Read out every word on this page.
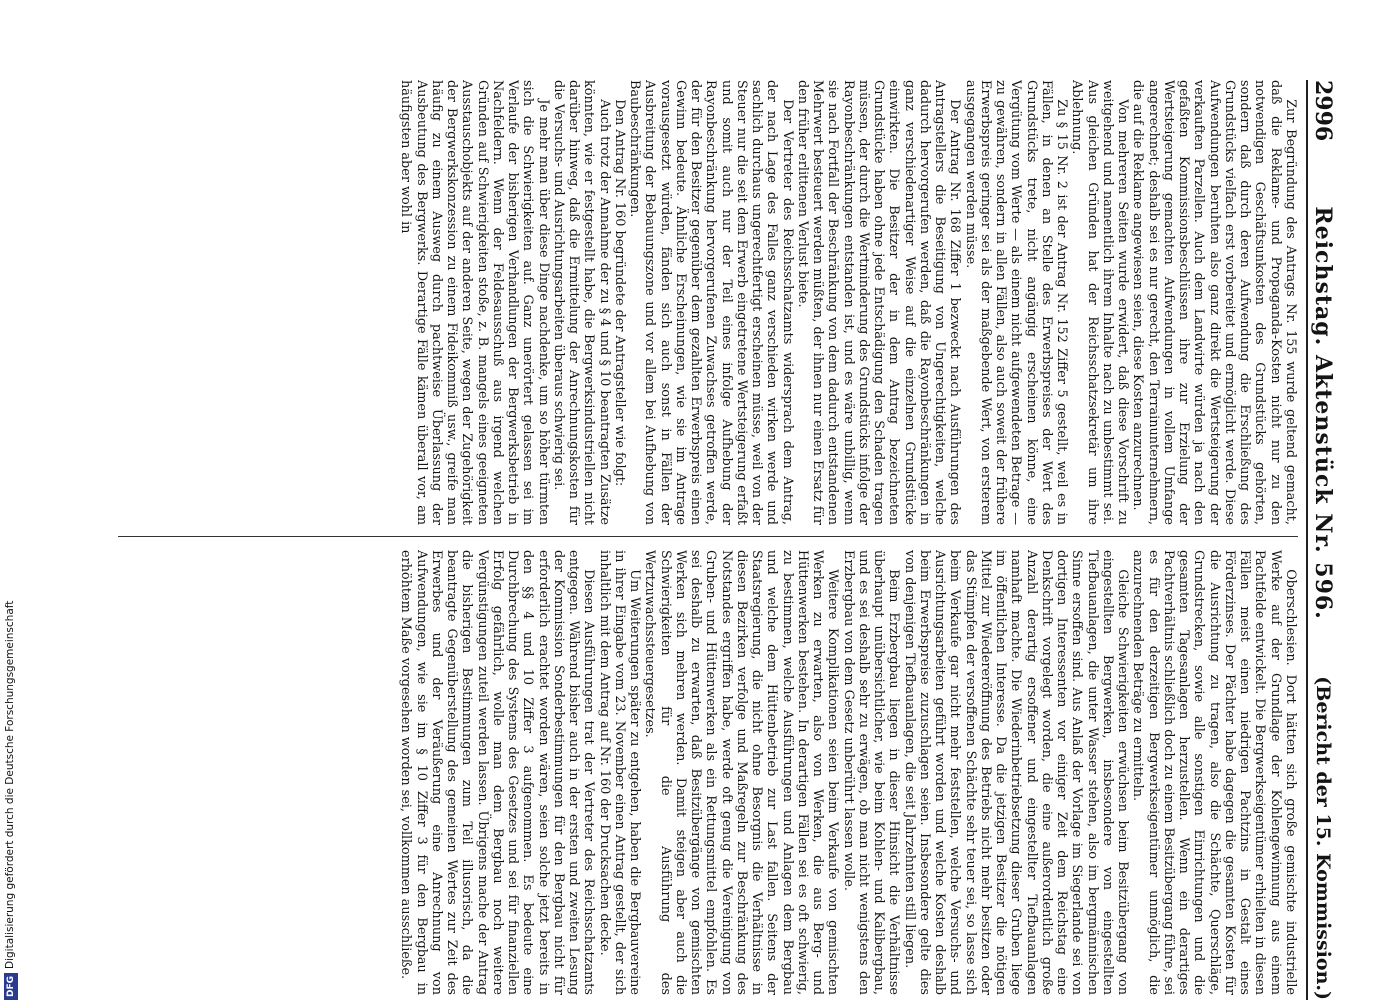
DFGDigitalisierung gefördert durch die Deutsche Forschungsgemeinschaft
2996
Reichstag. Aktenstück Nr. 596.
(Bericht der 15. Kommission.)

Zur Begründung des Antrags Nr. 155 wurde geltend gemacht, daß die Reklame- und Propaganda-Kosten nicht nur zu den notwendigen Geschäftsunkosten des Grundstücks gehörten, sondern daß durch deren Aufwendung die Erschließung des Grundstücks vielfach erst vorbereitet und ermöglicht werde. Diese Aufwendungen beruhten also ganz direkt die Wertsteigerung der verkauften Parzellen. Auch dem Landwirte würden ja nach den gefaßten Kommissionsbeschlüssen ihre zur Erzielung der Wertsteigerung gemachten Aufwendungen in vollem Umfange angerechnet; deshalb sei es nur gerecht, den Terrainunternehmern, die auf die Reklame angewiesen seien, diese Kosten anzurechnen.

Von mehreren Seiten wurde erwidert, daß diese Vorschrift zu weitgehend und namentlich ihrem Inhalte nach zu unbestimmt sei. Aus gleichen Gründen hat der Reichsschatzsekretär um ihre Ablehnung.

Zu § 15 Nr. 2 ist der Antrag Nr. 152 Ziffer 5 gestellt, weil es in Fällen, in denen an Stelle des Erwerbspreises der Wert des Grundstücks trete, nicht angängig erscheinen könne, eine Vergütung vom Werte — als einem nicht aufgewendeten Betrage — zu gewähren, sondern in allen Fällen, also auch soweit der frühere Erwerbspreis geringer sei als der maßgebende Wert, von ersterem ausgegangen werden müsse.

Der Antrag Nr. 168 Ziffer 1 bezweckt nach Ausführungen des Antragstellers die Beseitigung von Ungerechtigkeiten, welche dadurch hervorgerufen werden, daß die Rayonbeschränkungen in ganz verschiedenartiger Weise auf die einzelnen Grundstücke einwirkten. Die Besitzer der in dem Antrag bezeichneten Grundstücke haben ohne jede Entschädigung den Schaden tragen müssen, der durch die Wertminderung des Grundstücks infolge der Rayonbeschränkungen entstanden ist, und es wäre unbillig, wenn sie nach Fortfall der Beschränkung von dem dadurch entstandenen Mehrwert besteuert werden müßten, der ihnen nur einen Ersatz für den früher erlittenen Verlust biete.

Der Vertreter des Reichsschatzamts widersprach dem Antrag, der nach Lage des Falles ganz verschieden wirken werde und sachlich durchaus ungerechtfertigt erscheinen müsse, weil von der Steuer nur die seit dem Erwerb eingetretene Wertsteigerung erfaßt und somit auch nur der Teil eines infolge Aufhebung der Rayonbeschränkung hervorgerufenen Zuwachses getroffen werde, der für den Besitzer gegenüber dem gezahlten Erwerbspreis einen Gewinn bedeute. Ähnliche Erscheinungen, wie sie im Antrage vorausgesetzt würden, fänden sich auch sonst in Fällen der Ausbreitung der Bebauungszone und vor allem bei Aufhebung von Baubeschränkungen.

Den Antrag Nr. 160 begründete der Antragsteller wie folgt:

Auch trotz der Annahme der zu § 4 und § 10 beantragten Zusätze könnten, wie er festgestellt habe, die Bergwerksindustriellen nicht darüber hinweg, daß die Ermittelung der Anrechnungskosten für die Versuchs- und Ausrichtungsarbeiten überaus schwierig sei.

Je mehr man über diese Dinge nachdenke, um so höher türmten sich die Schwierigkeiten auf. Ganz unerörtert gelassen sei im Verlaufe der bisherigen Verhandlungen der Bergwerksbetrieb in Nachfeldern. Wenn der Feldesausschuß aus irgend welchen Gründen auf Schwierigkeiten stoße, z. B. mangels eines geeigneten Ausstauschobjekts auf der anderen Seite, wegen der Zugehörigkeit der Bergwerkskonzession zu einem Fideikommiß usw., greife man häufig zu einem Ausweg durch pachtweise Überlassung der Ausbeutung des Bergwerks. Derartige Fälle kämen überall vor, am häufigsten aber wohl in

Oberschlesien. Dort hätten sich große gemischte industrielle Werke auf der Grundlage der Kohlengewinnung aus einem Pachtfelde entwickelt. Die Bergwerkseigentümer erhielten in diesen Fällen meist einen niedrigen Pachtzins in Gestalt eines Förderzinses. Der Pächter habe dagegen die gesamten Kosten für die Ausrichtung zu tragen, also die Schächte, Querschläge, Grundstrecken, sowie alle sonstigen Einrichtungen und die gesamten Tagesanlagen herzustellen. Wenn ein derartiges Pachtverhältnis schließlich doch zu einem Besitzübergang führe, sei es für den derzeitigen Bergwerkseigentümer unmöglich, die anzurechnenden Beträge zu ermitteln.

Gleiche Schwierigkeiten erwüchsen beim Besitzübergang von eingestellten Bergwerken, insbesondere von eingestellten Tiefbauanlagen, die unter Wasser stehen, also im bergmännischen Sinne ersoffen sind. Aus Anlaß der Vorlage im Siegerlande sei von dortigen Interessenten vor einiger Zeit dem Reichstag eine Denkschrift vorgelegt worden, die eine außerordentlich große Anzahl derartig ersoffener und eingestellter Tiefbauanlagen namhaft machte. Die Wiederinbetriebsetzung dieser Gruben liege im öffentlichen Interesse. Da die jetzigen Besitzer die nötigen Mittel zur Wiedereröffnung des Betriebs nicht mehr besitzen oder das Stümpfen der versoffenen Schächte sehr teuer sei, so lasse sich beim Verkaufe gar nicht mehr feststellen, welche Versuchs- und Ausrichtungsarbeiten geführt worden und welche Kosten deshalb beim Erwerbspreise zuzuschlagen seien. Insbesondere gelte dies von denjenigen Tiefbauanlagen, die seit Jahrzehnten still liegen.

Beim Erzbergbau liegen in dieser Hinsicht die Verhältnisse überhaupt unübersichtlicher, wie beim Kohlen- und Kalibergbau, und es sei deshalb sehr zu erwägen, ob man nicht wenigstens den Erzbergbau von dem Gesetz unberührt lassen wolle.

Weitere Komplikationen seien beim Verkaufe von gemischten Werken zu erwarten, also von Werken, die aus Berg- und Hüttenwerken bestehen. In derartigen Fällen sei es oft schwierig, zu bestimmen, welche Ausführungen und Anlagen dem Bergbau und welche dem Hüttenbetrieb zur Last fallen. Seitens der Staatsregierung, die nicht ohne Besorgnis die Verhältnisse in diesen Bezirken verfolge und Maßregeln zur Beschränkung des Notstandes ergriffen habe, werde oft genug die Vereinigung von Gruben- und Hüttenwerken als ein Rettungsmittel empfohlen. Es sei deshalb zu erwarten, daß Besitzübergänge von gemischten Werken sich mehren werden. Damit steigen aber auch die Schwierigkeiten für die Ausführung des Wertzuwachssteuergesetzes.

Um Weiterungen später zu entgehen, haben die Bergbauvereine in ihrer Eingabe vom 23. November einen Antrag gestellt, der sich inhaltlich mit dem Antrag auf Nr. 160 der Drucksachen decke.

Diesen Ausführungen trat der Vertreter des Reichsschatzamts entgegen. Während bisher auch in der ersten und zweiten Lesung der Kommission Sonderbestimmungen für den Bergbau nicht für erforderlich erachtet worden wären, seien solche jetzt bereits in den §§ 4 und 10 Ziffer 3 aufgenommen. Es bedeute eine Durchbrechung des Systems des Gesetzes und sei für finanziellen Erfolg gefährlich, wolle man dem Bergbau noch weitere Vergünstigungen zuteil werden lassen. Übrigens mache der Antrag die bisherigen Bestimmungen zum Teil illusorisch, da die beantragte Gegenüberstellung des gemeinen Wertes zur Zeit des Erwerbes und der Veräußerung eine Anrechnung von Aufwendungen, wie sie im § 10 Ziffer 3 für den Bergbau in erhöhtem Maße vorgesehen worden sei, vollkommen ausschließe.
